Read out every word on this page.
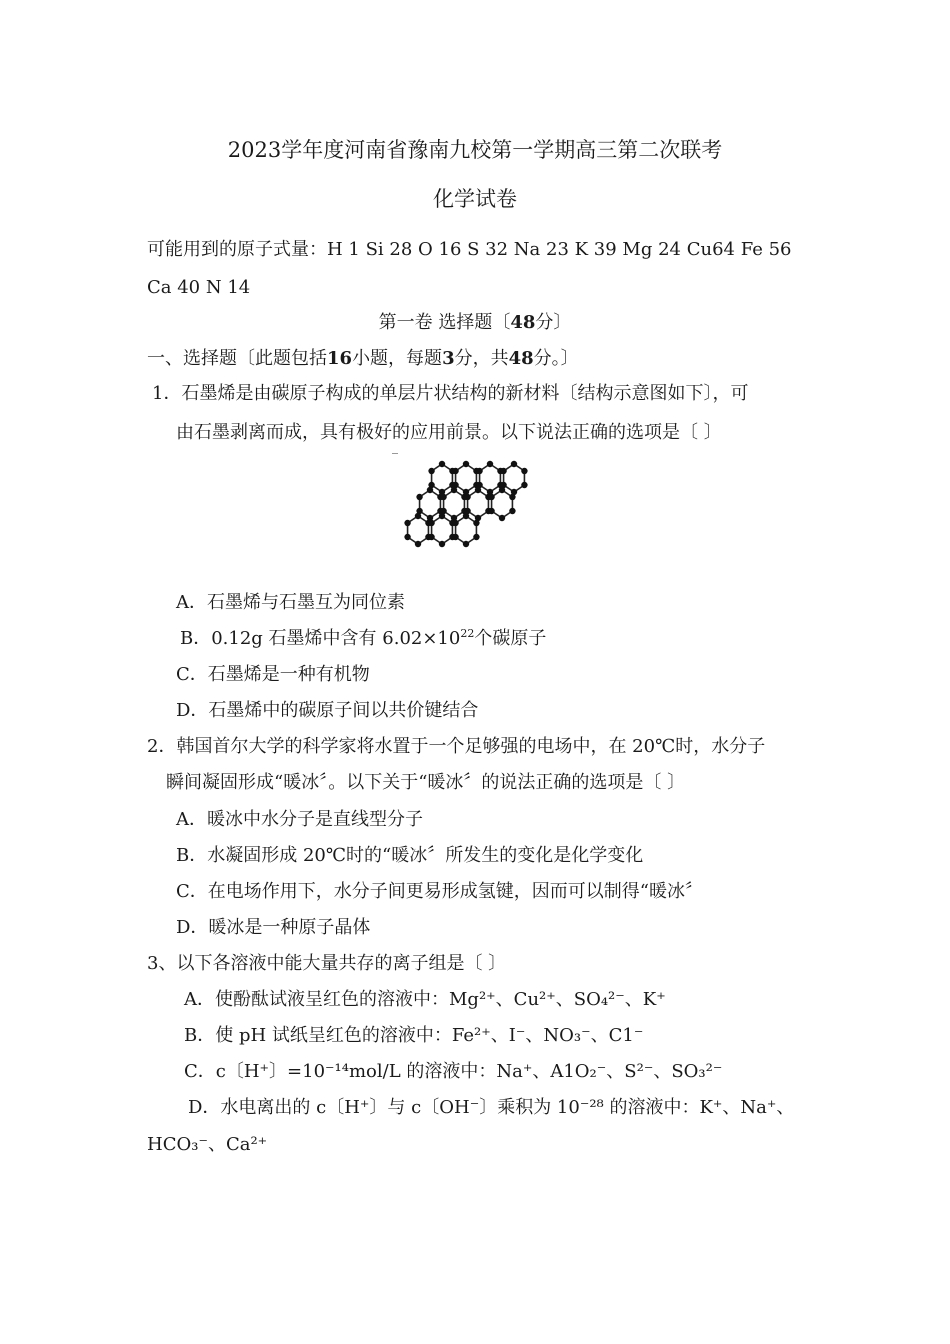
2023学年度河南省豫南九校第一学期高三第二次联考
化学试卷
可能用到的原子式量：H 1 Si 28 O 16 S 32 Na 23 K 39 Mg 24 Cu64 Fe 56
Ca 40 N 14
第一卷 选择题〔48分〕
一、选择题〔此题包括16小题，每题3分，共48分。〕
1．石墨烯是由碳原子构成的单层片状结构的新材料〔结构示意图如下〕，可
由石墨剥离而成，具有极好的应用前景。以下说法正确的选项是〔 〕
A．石墨烯与石墨互为同位素
B．0.12g 石墨烯中含有 $6.02\times 10^{22}$个碳原子
C．石墨烯是一种有机物
D．石墨烯中的碳原子间以共价键结合
2．韩国首尔大学的科学家将水置于一个足够强的电场中，在 20℃时，水分子
瞬间凝固形成“暖冰〞。以下关于“暖冰〞的说法正确的选项是〔 〕
A．暖冰中水分子是直线型分子
B．水凝固形成 20℃时的“暖冰〞所发生的变化是化学变化
C．在电场作用下，水分子间更易形成氢键，因而可以制得“暖冰〞
D．暖冰是一种原子晶体
3、以下各溶液中能大量共存的离子组是〔 〕
A．使酚酞试液呈红色的溶液中：Mg²⁺、Cu²⁺、SO₄²⁻、K⁺
B．使 pH 试纸呈红色的溶液中：Fe²⁺、I⁻、NO₃⁻、C1⁻
C．c〔H⁺〕=10⁻¹⁴mol/L 的溶液中：Na⁺、A1O₂⁻、S²⁻、SO₃²⁻
D．水电离出的 c〔H⁺〕与 c〔OH⁻〕乘积为 10⁻²⁸ 的溶液中：K⁺、Na⁺、
HCO₃⁻、Ca²⁺
